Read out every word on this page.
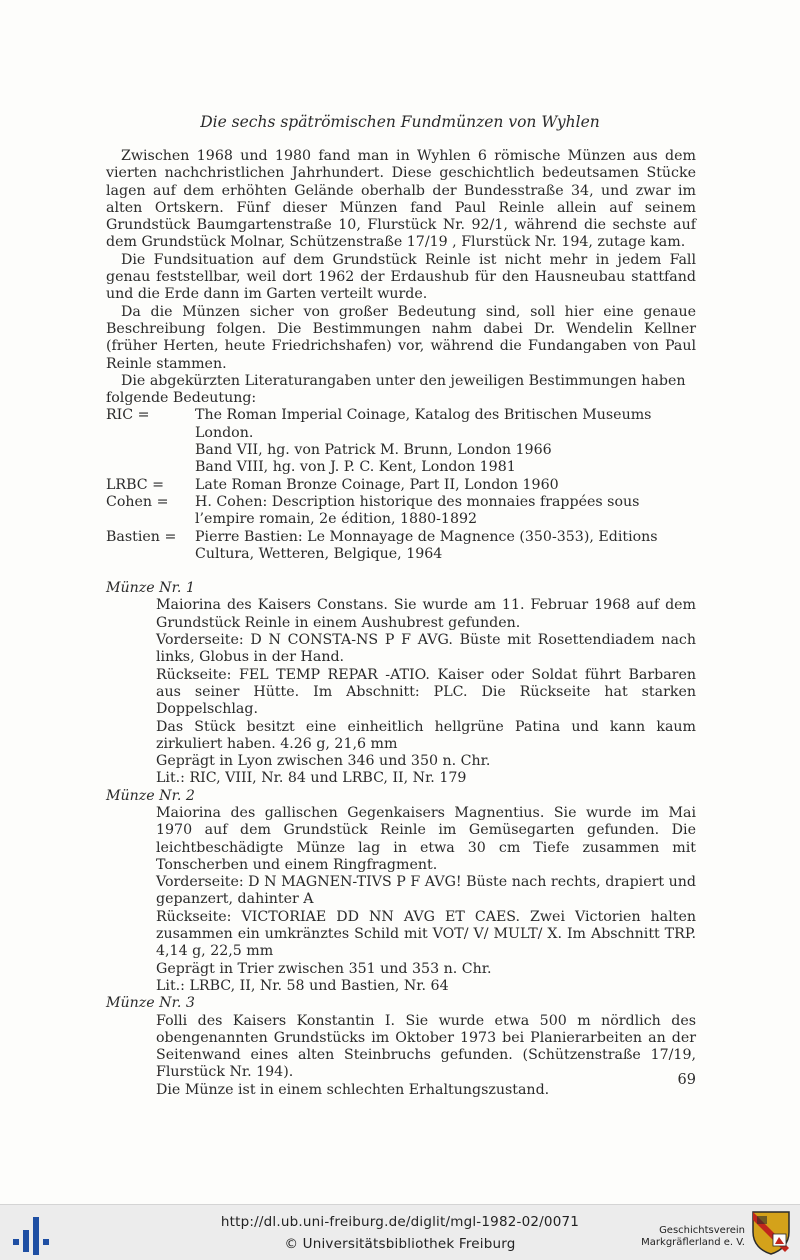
Die sechs spätrömischen Fundmünzen von Wyhlen

Zwischen 1968 und 1980 fand man in Wyhlen 6 römische Münzen aus dem vierten nachchristlichen Jahrhundert. Diese geschichtlich bedeutsamen Stücke lagen auf dem erhöhten Gelände oberhalb der Bundesstraße 34, und zwar im alten Ortskern. Fünf dieser Münzen fand Paul Reinle allein auf seinem Grundstück Baumgartenstraße 10, Flurstück Nr. 92/1, während die sechste auf dem Grundstück Molnar, Schützenstraße 17/19 , Flurstück Nr. 194, zutage kam.

Die Fundsituation auf dem Grundstück Reinle ist nicht mehr in jedem Fall genau feststellbar, weil dort 1962 der Erdaushub für den Hausneubau stattfand und die Erde dann im Garten verteilt wurde.

Da die Münzen sicher von großer Bedeutung sind, soll hier eine genaue Beschreibung folgen. Die Bestimmungen nahm dabei Dr. Wendelin Kellner (früher Herten, heute Friedrichshafen) vor, während die Fundangaben von Paul Reinle stammen.

Die abgekürzten Literaturangaben unter den jeweiligen Bestimmungen haben folgende Bedeutung:

RIC =	The Roman Imperial Coinage, Katalog des Britischen Museums London.
Band VII, hg. von Patrick M. Brunn, London 1966
Band VIII, hg. von J. P. C. Kent, London 1981
LRBC =	Late Roman Bronze Coinage, Part II, London 1960
Cohen =	H. Cohen: Description historique des monnaies frappées sous l’empire romain, 2e édition, 1880-1892
Bastien =	Pierre Bastien: Le Monnayage de Magnence (350-353), Editions Cultura, Wetteren, Belgique, 1964
Münze Nr. 1

Maiorina des Kaisers Constans. Sie wurde am 11. Februar 1968 auf dem Grundstück Reinle in einem Aushubrest gefunden.

Vorderseite: D N CONSTA-NS P F AVG. Büste mit Rosettendiadem nach links, Globus in der Hand.

Rückseite: FEL TEMP REPAR -ATIO. Kaiser oder Soldat führt Barbaren aus seiner Hütte. Im Abschnitt: PLC. Die Rückseite hat starken Doppelschlag.

Das Stück besitzt eine einheitlich hellgrüne Patina und kann kaum zirkuliert haben. 4.26 g, 21,6 mm

Geprägt in Lyon zwischen 346 und 350 n. Chr.

Lit.: RIC, VIII, Nr. 84 und LRBC, II, Nr. 179

Münze Nr. 2

Maiorina des gallischen Gegenkaisers Magnentius. Sie wurde im Mai 1970 auf dem Grundstück Reinle im Gemüsegarten gefunden. Die leichtbeschädigte Münze lag in etwa 30 cm Tiefe zusammen mit Tonscherben und einem Ringfragment.

Vorderseite: D N MAGNEN-TIVS P F AVG! Büste nach rechts, drapiert und gepanzert, dahinter A

Rückseite: VICTORIAE DD NN AVG ET CAES. Zwei Victorien halten zusammen ein umkränztes Schild mit VOT/ V/ MULT/ X. Im Abschnitt TRP. 4,14 g, 22,5 mm

Geprägt in Trier zwischen 351 und 353 n. Chr.

Lit.: LRBC, II, Nr. 58 und Bastien, Nr. 64

Münze Nr. 3

Folli des Kaisers Konstantin I. Sie wurde etwa 500 m nördlich des obengenannten Grundstücks im Oktober 1973 bei Planierarbeiten an der Seitenwand eines alten Steinbruchs gefunden. (Schützenstraße 17/19, Flurstück Nr. 194).

Die Münze ist in einem schlechten Erhaltungszustand.

69
http://dl.ub.uni-freiburg.de/diglit/mgl-1982-02/0071
© Universitätsbibliothek Freiburg
Geschichtsverein
Markgräflerland e. V.
